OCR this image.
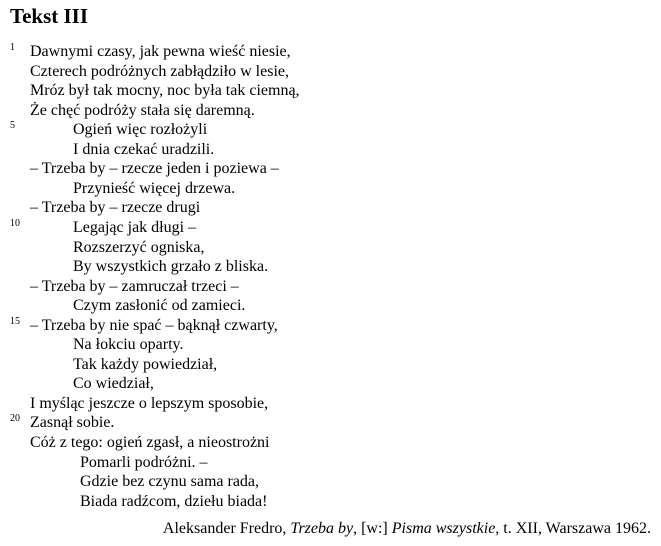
Tekst III
1 Dawnymi czasy, jak pewna wieść niesie,
Czterech podróżnych zabłądziło w lesie,
Mróz był tak mocny, noc była tak ciemną,
Że chęć podróży stała się daremną.
5	Ogień więc rozłożyli
I dnia czekać uradzili.
– Trzeba by – rzecze jeden i poziewa –
Przynieść więcej drzewa.
– Trzeba by – rzecze drugi
10	Legając jak długi –
Rozszerzyć ogniska,
By wszystkich grzało z bliska.
– Trzeba by – zamruczał trzeci –
Czym zasłonić od zamieci.
15 – Trzeba by nie spać – bąknął czwarty,
Na łokciu oparty.
Tak każdy powiedział,
Co wiedział,
I myśląc jeszcze o lepszym sposobie,
20 Zasnął sobie.
Cóż z tego: ogień zgasł, a nieostrożni
Pomarli podróżni. –
Gdzie bez czynu sama rada,
Biada radźcom, dziełu biada!
Aleksander Fredro, Trzeba by, [w:] Pisma wszystkie, t. XII, Warszawa 1962.
